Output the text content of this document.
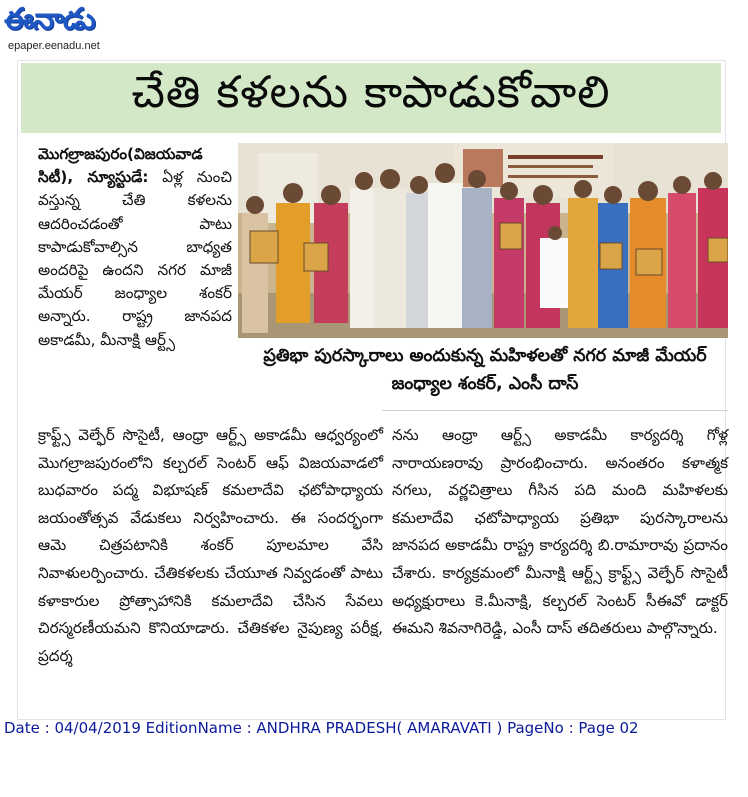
ఈనాడు
epaper.eenadu.net
చేతి కళలను కాపాడుకోవాలి
మొగల్రాజపురం(విజయవాడ సిటీ), న్యూస్టుడే: ఏళ్ల నుంచి వస్తున్న చేతి కళలను ఆదరించడంతో పాటు కాపాడుకోవాల్సిన బాధ్యత అందరిపై ఉందని నగర మాజీ మేయర్ జంధ్యాల శంకర్ అన్నారు. రాష్ట్ర జానపద అకాడమీ, మీనాక్షి ఆర్ట్స్
ప్రతిభా పురస్కారాలు అందుకున్న మహిళలతో నగర మాజీ మేయర్ జంధ్యాల శంకర్, ఎంసీ దాస్
క్రాఫ్ట్స్ వెల్ఫేర్ సొసైటీ, ఆంధ్రా ఆర్ట్స్ అకాడమీ ఆధ్వర్యంలో మొగల్రాజపురంలోని కల్చరల్ సెంటర్ ఆఫ్ విజయవాడలో బుధవారం పద్మ విభూషణ్ కమలాదేవి ఛటోపాధ్యాయ జయంతోత్సవ వేడుకలు నిర్వహించారు. ఈ సందర్భంగా ఆమె చిత్రపటానికి శంకర్ పూలమాల వేసి నివాళులర్పించారు. చేతికళలకు చేయూత నివ్వడంతో పాటు కళాకారుల ప్రోత్సాహానికి కమలాదేవి చేసిన సేవలు చిరస్మరణీయమని కొనియాడారు. చేతికళల నైపుణ్య పరీక్ష, ప్రదర్శ
నను ఆంధ్రా ఆర్ట్స్ అకాడమీ కార్యదర్శి గోళ్ల నారాయణరావు ప్రారంభించారు. అనంతరం కళాత్మక నగలు, వర్ణచిత్రాలు గీసిన పది మంది మహిళలకు కమలాదేవి ఛటోపాధ్యాయ ప్రతిభా పురస్కారాలను జానపద అకాడమీ రాష్ట్ర కార్యదర్శి బి.రామారావు ప్రదానం చేశారు. కార్యక్రమంలో మీనాక్షి ఆర్ట్స్ క్రాఫ్ట్స్ వెల్ఫేర్ సొసైటీ అధ్యక్షురాలు కె.మీనాక్షి, కల్చరల్ సెంటర్ సీఈవో డాక్టర్ ఈమని శివనాగిరెడ్డి, ఎంసీ దాస్ తదితరులు పాల్గొన్నారు.
Date : 04/04/2019 EditionName : ANDHRA PRADESH( AMARAVATI ) PageNo : Page 02
